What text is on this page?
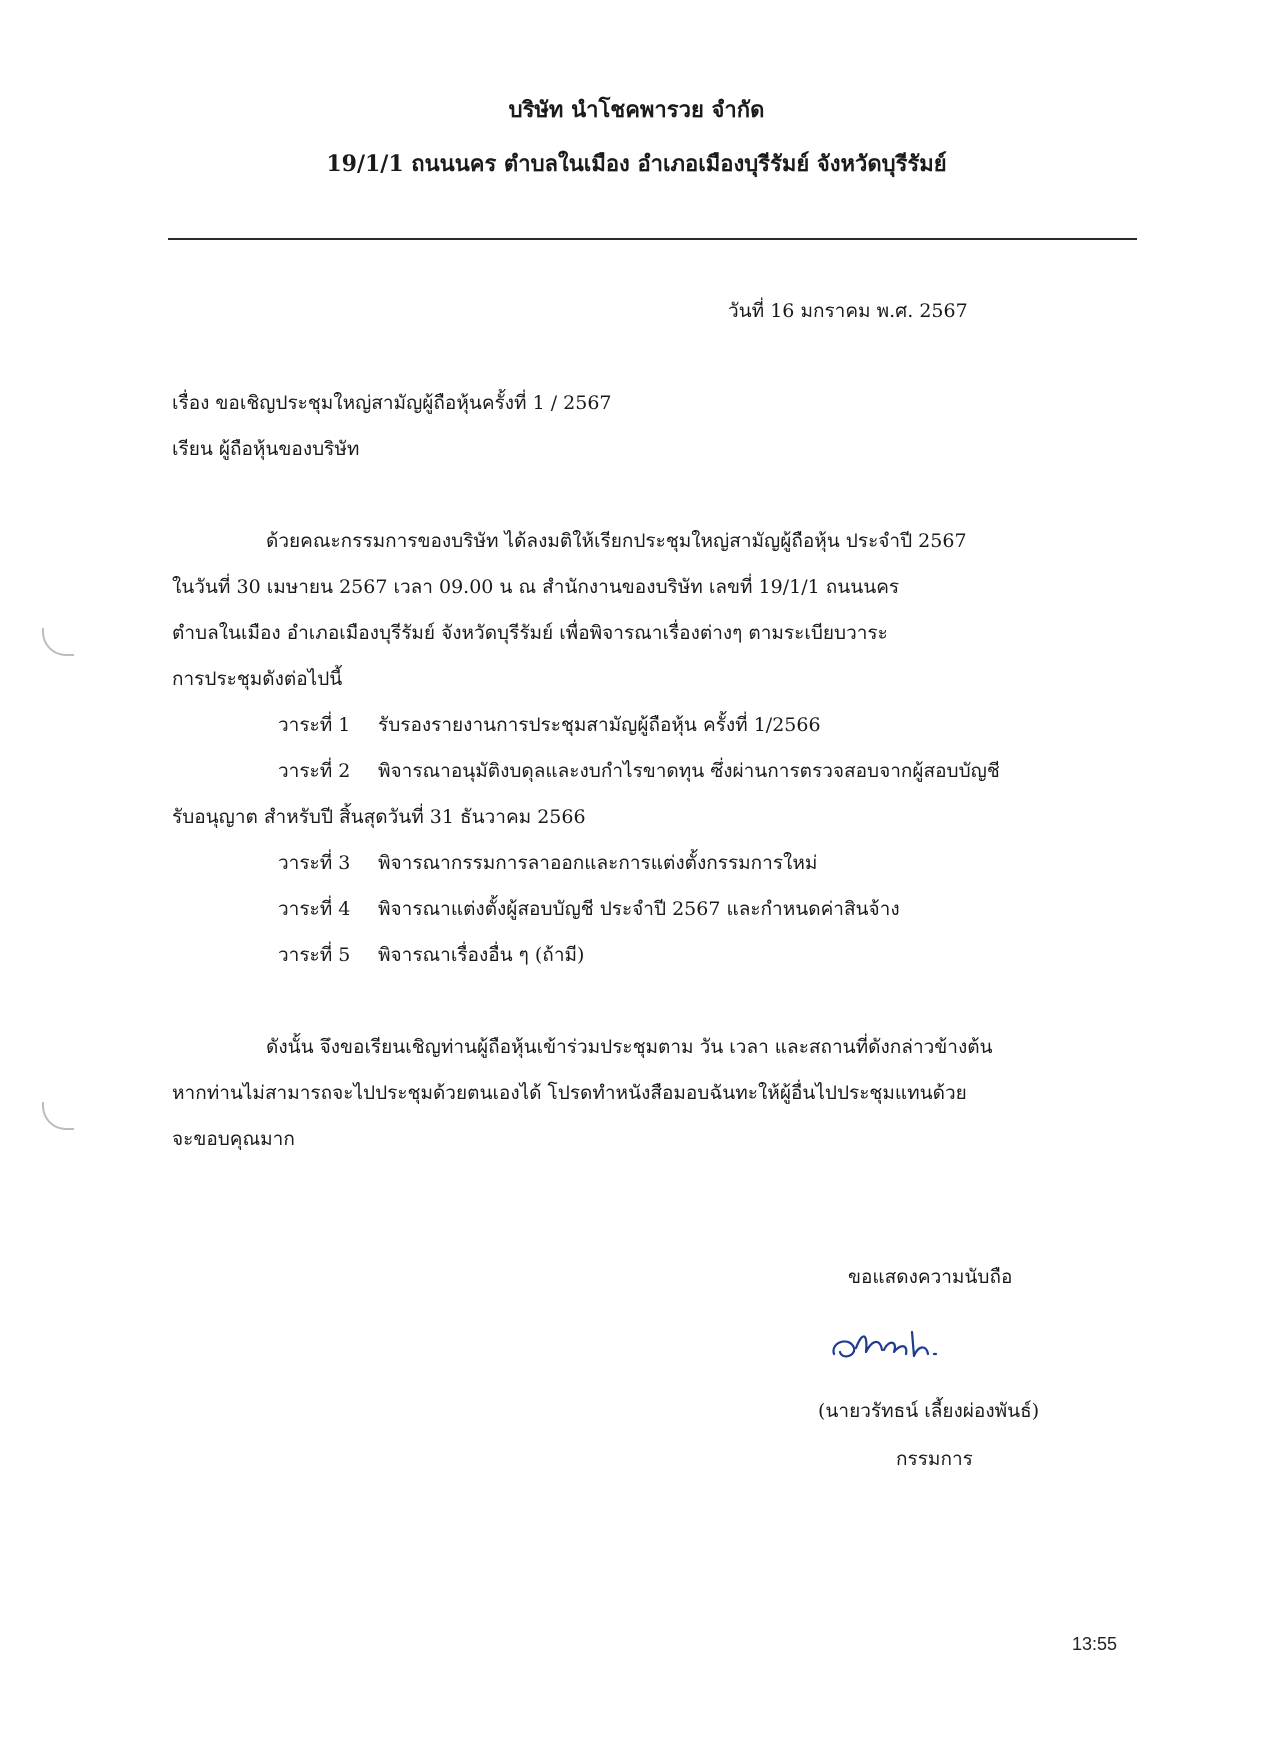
บริษัท นำโชคพารวย จำกัด
19/1/1 ถนนนคร ตำบลในเมือง อำเภอเมืองบุรีรัมย์ จังหวัดบุรีรัมย์
วันที่ 16 มกราคม พ.ศ. 2567
เรื่อง ขอเชิญประชุมใหญ่สามัญผู้ถือหุ้นครั้งที่ 1 / 2567
เรียน ผู้ถือหุ้นของบริษัท
ด้วยคณะกรรมการของบริษัท ได้ลงมติให้เรียกประชุมใหญ่สามัญผู้ถือหุ้น ประจำปี 2567
ในวันที่ 30 เมษายน 2567 เวลา 09.00 น ณ สำนักงานของบริษัท เลขที่ 19/1/1 ถนนนคร
ตำบลในเมือง อำเภอเมืองบุรีรัมย์ จังหวัดบุรีรัมย์ เพื่อพิจารณาเรื่องต่างๆ ตามระเบียบวาระ
การประชุมดังต่อไปนี้
วาระที่ 1 รับรองรายงานการประชุมสามัญผู้ถือหุ้น ครั้งที่ 1/2566
วาระที่ 2 พิจารณาอนุมัติงบดุลและงบกำไรขาดทุน ซึ่งผ่านการตรวจสอบจากผู้สอบบัญชี
รับอนุญาต สำหรับปี สิ้นสุดวันที่ 31 ธันวาคม 2566
วาระที่ 3 พิจารณากรรมการลาออกและการแต่งตั้งกรรมการใหม่
วาระที่ 4 พิจารณาแต่งตั้งผู้สอบบัญชี ประจำปี 2567 และกำหนดค่าสินจ้าง
วาระที่ 5 พิจารณาเรื่องอื่น ๆ (ถ้ามี)
ดังนั้น จึงขอเรียนเชิญท่านผู้ถือหุ้นเข้าร่วมประชุมตาม วัน เวลา และสถานที่ดังกล่าวข้างต้น
หากท่านไม่สามารถจะไปประชุมด้วยตนเองได้ โปรดทำหนังสือมอบฉันทะให้ผู้อื่นไปประชุมแทนด้วย
จะขอบคุณมาก
ขอแสดงความนับถือ
(นายวรัทธน์ เลี้ยงผ่องพันธ์)
กรรมการ
13:55
